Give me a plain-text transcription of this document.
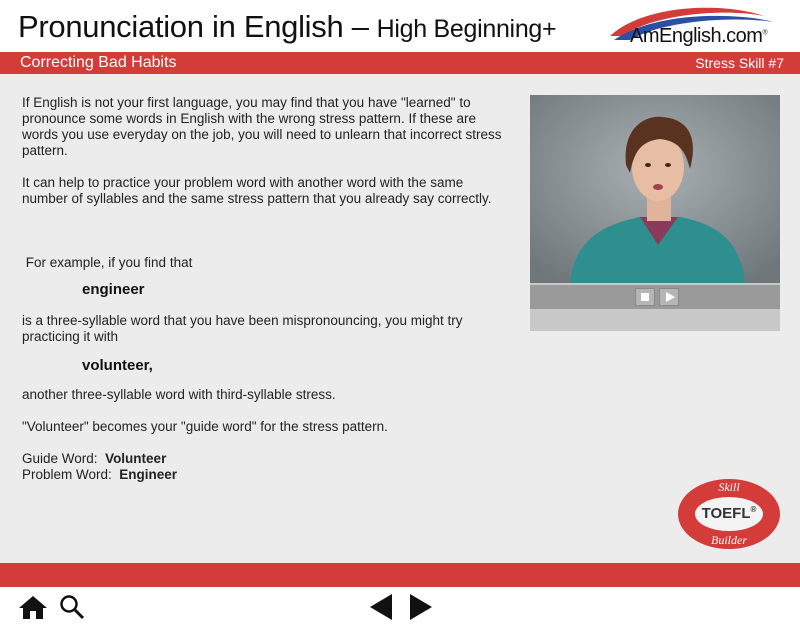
Pronunciation in English – High Beginning+	AmEnglish.com®
Correcting Bad Habits	Stress Skill #7

If English is not your first language, you may find that you have "learned" to pronounce some words in English with the wrong stress pattern. If these are words you use everyday on the job, you will need to unlearn that incorrect stress pattern.

It can help to practice your problem word with another word with the same number of syllables and the same stress pattern that you already say correctly.

For example, if you find that

engineer

is a three-syllable word that you have been mispronouncing, you might try practicing it with

volunteer,

another three-syllable word with third-syllable stress.

"Volunteer" becomes your "guide word" for the stress pattern.

Guide Word: Volunteer

Problem Word: Engineer

Skill
TOEFL®
Builder
